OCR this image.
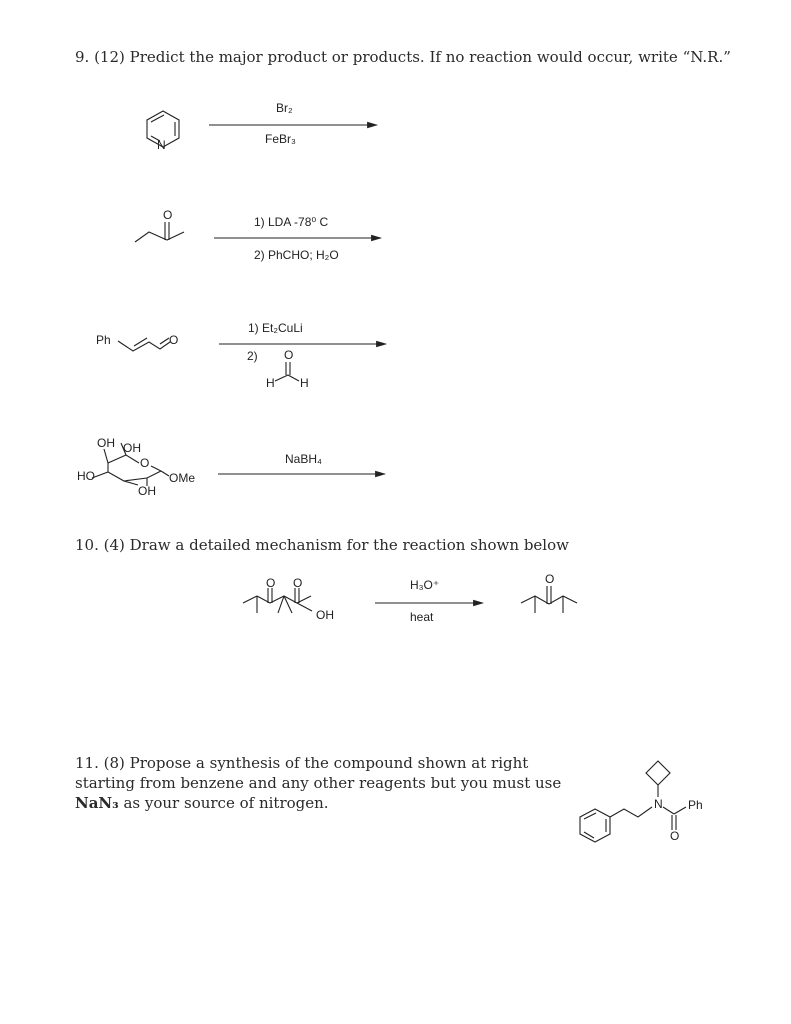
9. (12) Predict the major product or products. If no reaction would occur, write “N.R.”
N
Br₂
FeBr₃
O	1) LDA -78⁰ C
2) PhCHO; H₂O
Ph	O
1) Et₂CuLi
2) O
H H
OH OH
O
HO	OMe
OH
NaBH₄
10. (4) Draw a detailed mechanism for the reaction shown below
O O
OH
H₃O⁺
heat
O
11. (8) Propose a synthesis of the compound shown at right starting from benzene and any other reagents but you must use NaN₃ as your source of nitrogen.	N Ph
O
